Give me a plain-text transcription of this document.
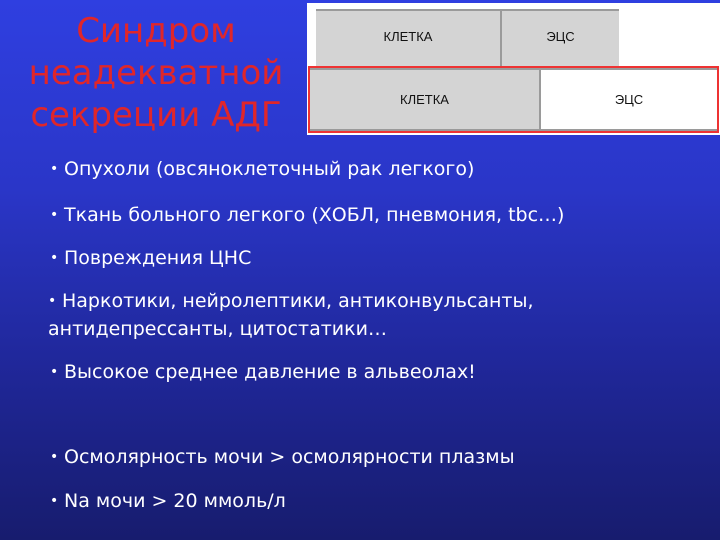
Синдром
неадекватной
секреции АДГ
КЛЕТКА	ЭЦС
КЛЕТКА	ЭЦС
• Опухоли (овсяноклеточный рак легкого)
• Ткань больного легкого (ХОБЛ, пневмония, tbc…)
• Повреждения ЦНС
• Наркотики, нейролептики, антиконвульсанты, антидепрессанты, цитостатики…
• Высокое среднее давление в альвеолах!
• Осмолярность мочи > осмолярности плазмы
• Na мочи > 20 ммоль/л
